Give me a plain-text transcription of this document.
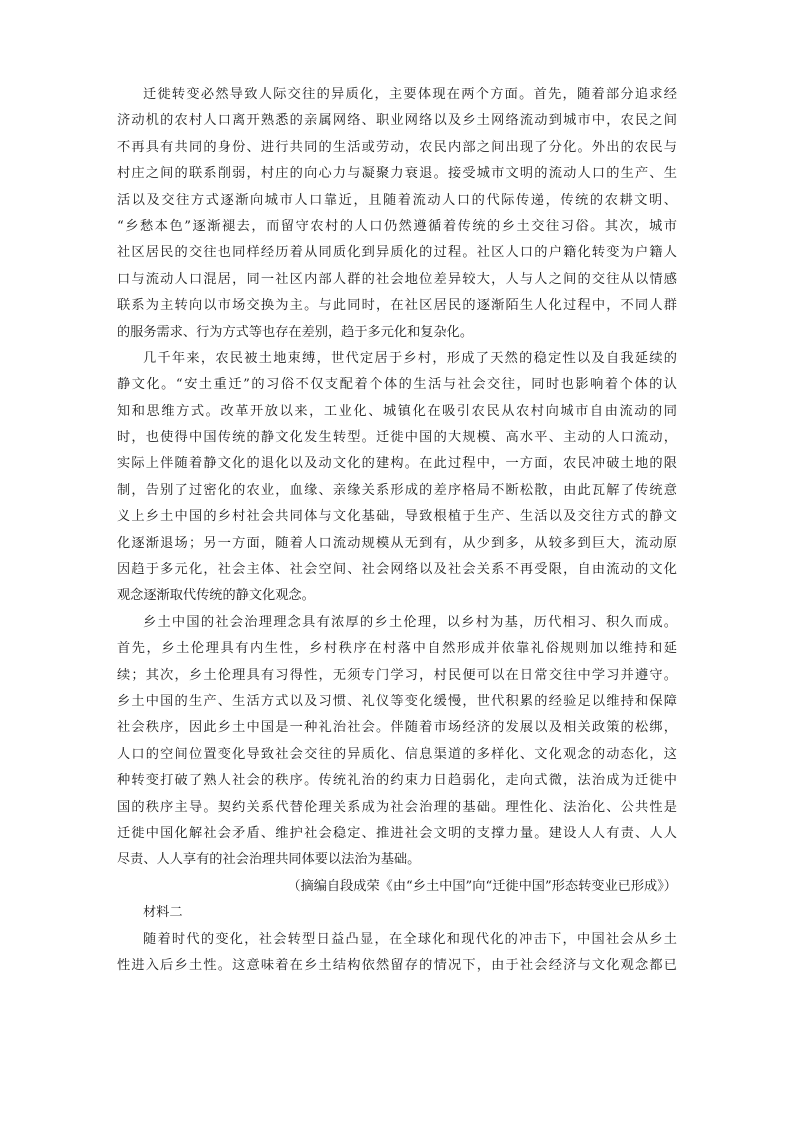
迁徙转变必然导致人际交往的异质化，主要体现在两个方面。首先，随着部分追求经
济动机的农村人口离开熟悉的亲属网络、职业网络以及乡土网络流动到城市中，农民之间
不再具有共同的身份、进行共同的生活或劳动，农民内部之间出现了分化。外出的农民与
村庄之间的联系削弱，村庄的向心力与凝聚力衰退。接受城市文明的流动人口的生产、生
活以及交往方式逐渐向城市人口靠近，且随着流动人口的代际传递，传统的农耕文明、
“乡愁本色”逐渐褪去，而留守农村的人口仍然遵循着传统的乡土交往习俗。其次，城市
社区居民的交往也同样经历着从同质化到异质化的过程。社区人口的户籍化转变为户籍人
口与流动人口混居，同一社区内部人群的社会地位差异较大，人与人之间的交往从以情感
联系为主转向以市场交换为主。与此同时，在社区居民的逐渐陌生人化过程中，不同人群
的服务需求、行为方式等也存在差别，趋于多元化和复杂化。
几千年来，农民被土地束缚，世代定居于乡村，形成了天然的稳定性以及自我延续的
静文化。“安土重迁”的习俗不仅支配着个体的生活与社会交往，同时也影响着个体的认
知和思维方式。改革开放以来，工业化、城镇化在吸引农民从农村向城市自由流动的同
时，也使得中国传统的静文化发生转型。迁徙中国的大规模、高水平、主动的人口流动，
实际上伴随着静文化的退化以及动文化的建构。在此过程中，一方面，农民冲破土地的限
制，告别了过密化的农业，血缘、亲缘关系形成的差序格局不断松散，由此瓦解了传统意
义上乡土中国的乡村社会共同体与文化基础，导致根植于生产、生活以及交往方式的静文
化逐渐退场；另一方面，随着人口流动规模从无到有，从少到多，从较多到巨大，流动原
因趋于多元化，社会主体、社会空间、社会网络以及社会关系不再受限，自由流动的文化
观念逐渐取代传统的静文化观念。
乡土中国的社会治理理念具有浓厚的乡土伦理，以乡村为基，历代相习、积久而成。
首先，乡土伦理具有内生性，乡村秩序在村落中自然形成并依靠礼俗规则加以维持和延
续；其次，乡土伦理具有习得性，无须专门学习，村民便可以在日常交往中学习并遵守。
乡土中国的生产、生活方式以及习惯、礼仪等变化缓慢，世代积累的经验足以维持和保障
社会秩序，因此乡土中国是一种礼治社会。伴随着市场经济的发展以及相关政策的松绑，
人口的空间位置变化导致社会交往的异质化、信息渠道的多样化、文化观念的动态化，这
种转变打破了熟人社会的秩序。传统礼治的约束力日趋弱化，走向式微，法治成为迁徙中
国的秩序主导。契约关系代替伦理关系成为社会治理的基础。理性化、法治化、公共性是
迁徙中国化解社会矛盾、维护社会稳定、推进社会文明的支撑力量。建设人人有责、人人
尽责、人人享有的社会治理共同体要以法治为基础。
（摘编自段成荣《由“乡土中国”向“迁徙中国”形态转变业已形成》）
材料二
随着时代的变化，社会转型日益凸显，在全球化和现代化的冲击下，中国社会从乡土
性进入后乡土性。这意味着在乡土结构依然留存的情况下，由于社会经济与文化观念都已
